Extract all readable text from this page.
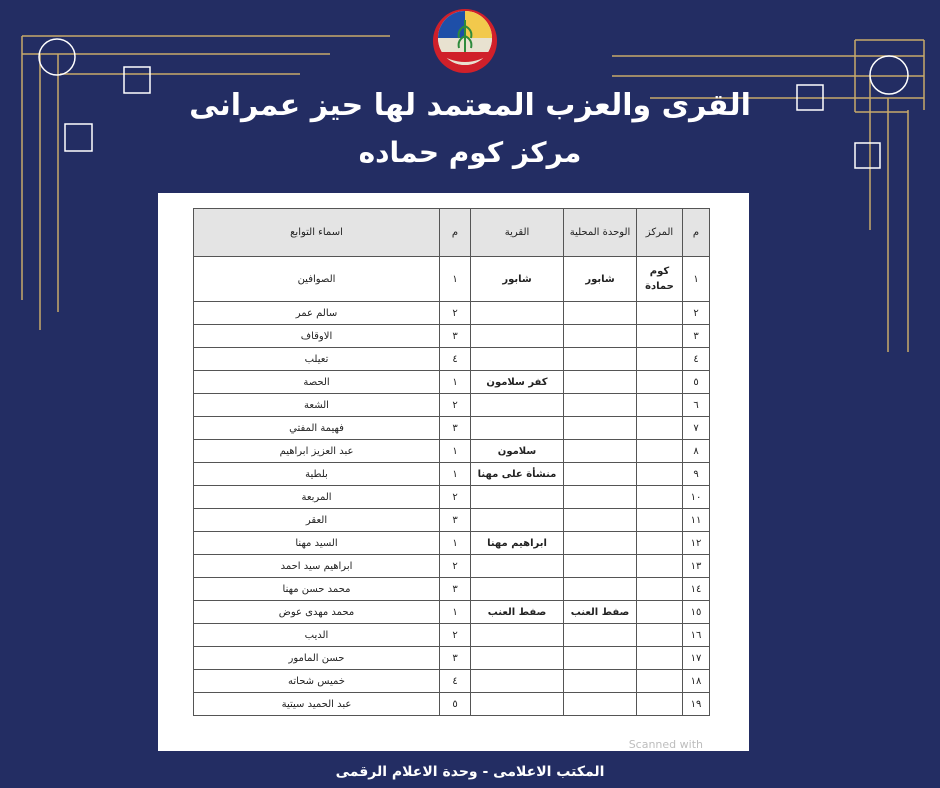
القرى والعزب المعتمد لها حيز عمرانى
مركز كوم حماده
م	المركز	الوحدة المحلية	القرية	م	اسماء التوابع
١	كوم حمادة	شابور	شابور	١	الصوافين
٢				٢	سالم عمر
٣				٣	الاوقاف
٤				٤	تعيلب
٥			كفر سلامون	١	الحصة
٦				٢	الشعة
٧				٣	فهيمة المفتي
٨			سلامون	١	عبد العزيز ابراهيم
٩			منشأة على مهنا	١	بلطية
١٠				٢	المربعة
١١				٣	العقر
١٢			ابراهيم مهنا	١	السيد مهنا
١٣				٢	ابراهيم سيد احمد
١٤				٣	محمد حسن مهنا
١٥		صفط العنب	صفط العنب	١	محمد مهدى عوض
١٦				٢	الديب
١٧				٣	حسن المامور
١٨				٤	خميس شحاته
١٩				٥	عبد الحميد سيتية
Scanned with
المكتب الاعلامى - وحدة الاعلام الرقمى
